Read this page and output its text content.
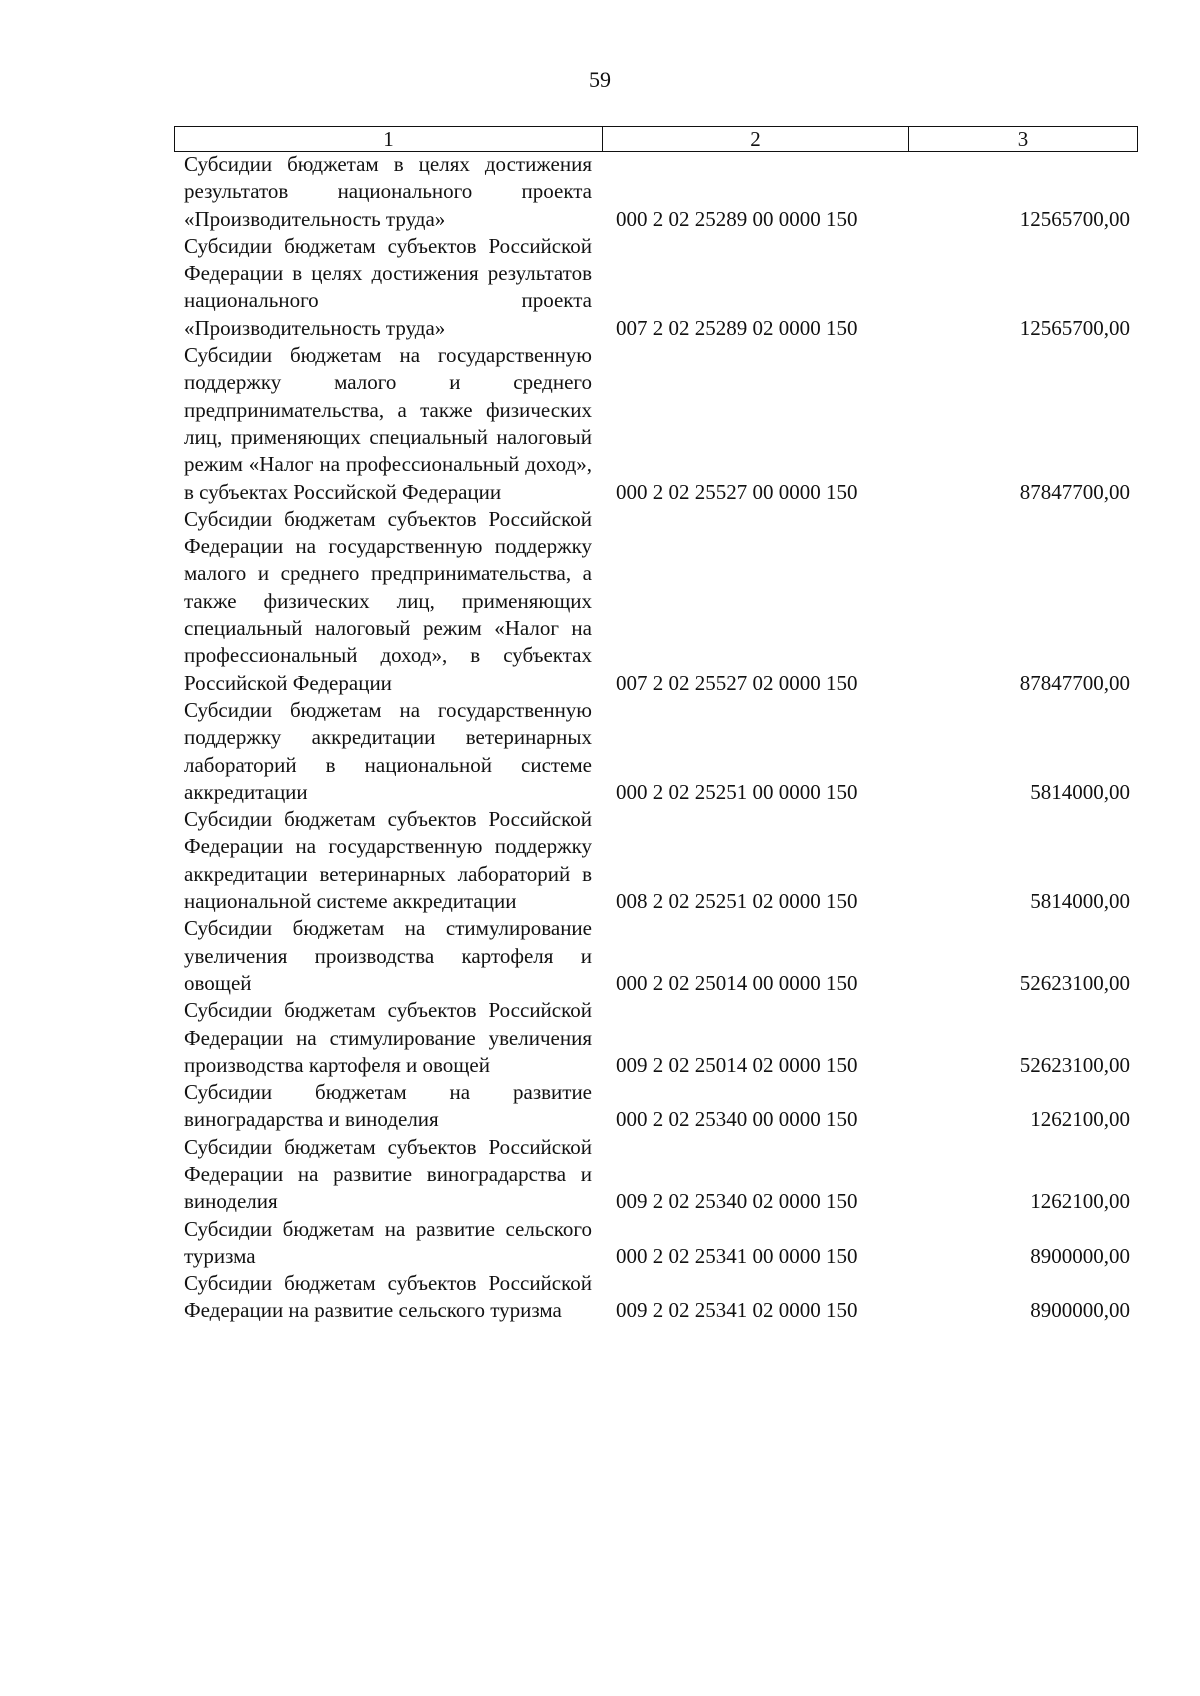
59
1	2	3
Субсидии бюджетам в целях достижения результатов национального проекта «Производительность труда»	000 2 02 25289 00 0000 150	12565700,00
Субсидии бюджетам субъектов Российской Федерации в целях достижения результатов национального проекта «Производительность труда»	007 2 02 25289 02 0000 150	12565700,00
Субсидии бюджетам на государственную поддержку малого и среднего предпринимательства, а также физических лиц, применяющих специальный налоговый режим «Налог на профессиональный доход», в субъектах Российской Федерации	000 2 02 25527 00 0000 150	87847700,00
Субсидии бюджетам субъектов Российской Федерации на государственную поддержку малого и среднего предпринимательства, а также физических лиц, применяющих специальный налоговый режим «Налог на профессиональный доход», в субъектах Российской Федерации	007 2 02 25527 02 0000 150	87847700,00
Субсидии бюджетам на государственную поддержку аккредитации ветеринарных лабораторий в национальной системе аккредитации	000 2 02 25251 00 0000 150	5814000,00
Субсидии бюджетам субъектов Российской Федерации на государственную поддержку аккредитации ветеринарных лабораторий в национальной системе аккредитации	008 2 02 25251 02 0000 150	5814000,00
Субсидии бюджетам на стимулирование увеличения производства картофеля и овощей	000 2 02 25014 00 0000 150	52623100,00
Субсидии бюджетам субъектов Российской Федерации на стимулирование увеличения производства картофеля и овощей	009 2 02 25014 02 0000 150	52623100,00
Субсидии бюджетам на развитие виноградарства и виноделия	000 2 02 25340 00 0000 150	1262100,00
Субсидии бюджетам субъектов Российской Федерации на развитие виноградарства и виноделия	009 2 02 25340 02 0000 150	1262100,00
Субсидии бюджетам на развитие сельского туризма	000 2 02 25341 00 0000 150	8900000,00
Субсидии бюджетам субъектов Российской Федерации на развитие сельского туризма	009 2 02 25341 02 0000 150	8900000,00
